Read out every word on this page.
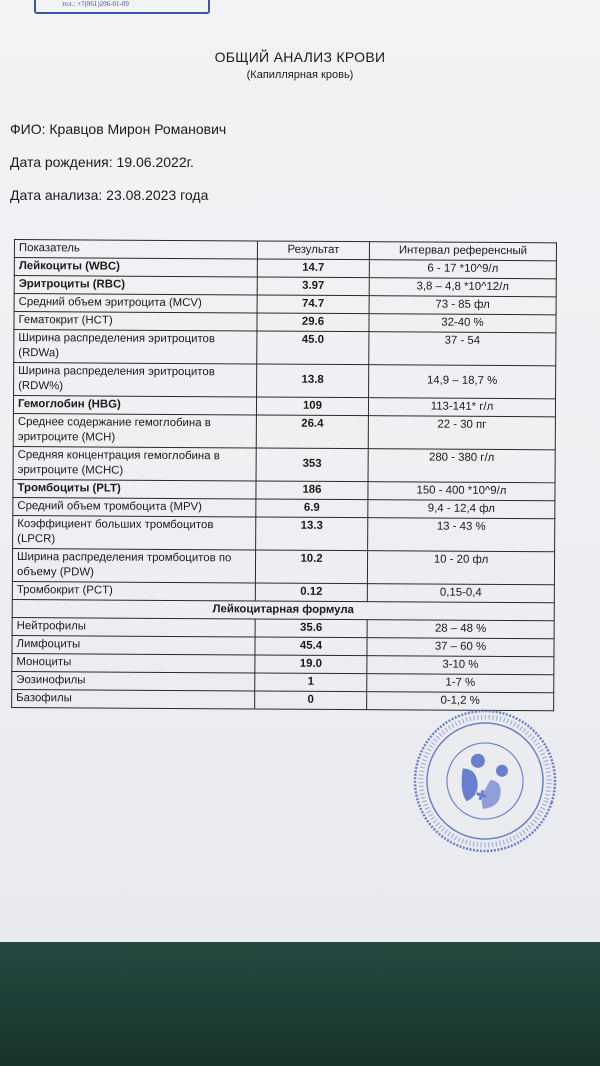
тел.: +7(861)206-01-09
ОБЩИЙ АНАЛИЗ КРОВИ
(Капиллярная кровь)
ФИО: Кравцов Мирон Романович
Дата рождения: 19.06.2022г.
Дата анализа: 23.08.2023 года
Показатель	Результат	Интервал референсный
Лейкоциты (WBC)	14.7	6 - 17 *10^9/л
Эритроциты (RBC)	3.97	3,8 – 4,8 *10^12/л
Средний объем эритроцита (MCV)	74.7	73 - 85 фл
Гематокрит (HCT)	29.6	32-40 %
Ширина распределения эритроцитов (RDWa)	45.0	37 - 54
Ширина распределения эритроцитов (RDW%)	13.8	14,9 – 18,7 %
Гемоглобин (HBG)	109	113-141* г/л
Среднее содержание гемоглобина в эритроците (MCH)	26.4	22 - 30 пг
Средняя концентрация гемоглобина в эритроците (MCHC)	353	280 - 380 г/л
Тромбоциты (PLT)	186	150 - 400 *10^9/л
Средний объем тромбоцита (MPV)	6.9	9,4 - 12,4 фл
Коэффициент больших тромбоцитов (LPCR)	13.3	13 - 43 %
Ширина распределения тромбоцитов по объему (PDW)	10.2	10 - 20 фл
Тромбокрит (PCT)	0.12	0,15-0,4
Лейкоцитарная формула		
Нейтрофилы	35.6	28 – 48 %
Лимфоциты	45.4	37 – 60 %
Моноциты	19.0	3-10 %
Эозинофилы	1	1-7 %
Базофилы	0	0-1,2 %
